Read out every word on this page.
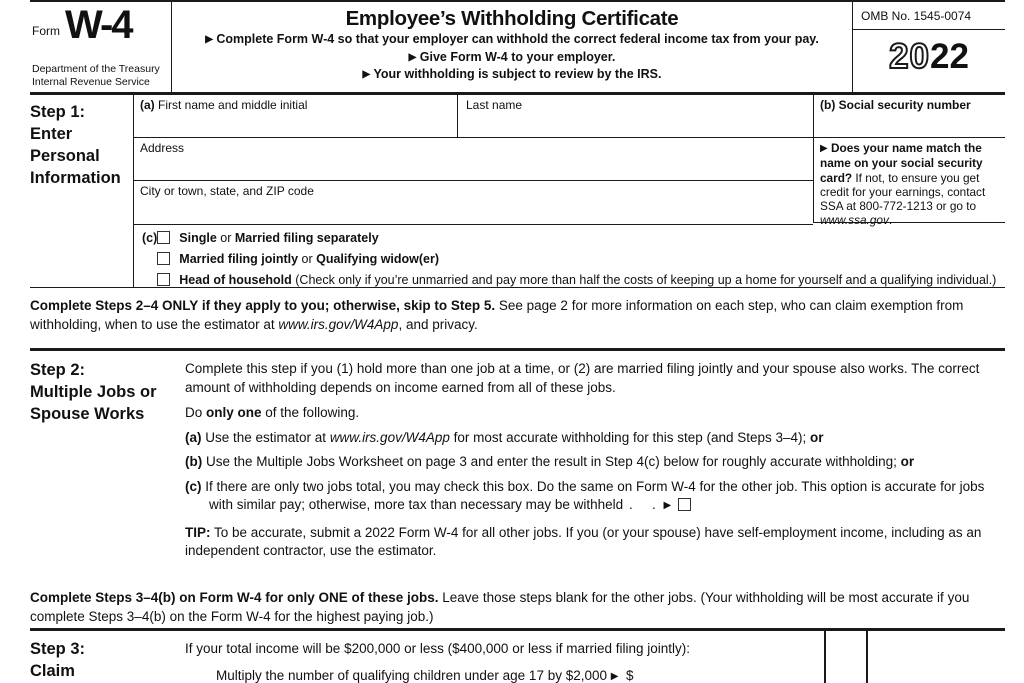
Form W-4
Department of the Treasury
Internal Revenue Service
Employee’s Withholding Certificate
▶ Complete Form W-4 so that your employer can withhold the correct federal income tax from your pay.
▶ Give Form W-4 to your employer.
▶ Your withholding is subject to review by the IRS.
OMB No. 1545-0074
2022
Step 1:
Enter Personal Information
(a) First name and middle initial	Last name
Address
City or town, state, and ZIP code
(c)	Single or Married filing separately
Married filing jointly or Qualifying widow(er)
Head of household (Check only if you’re unmarried and pay more than half the costs of keeping up a home for yourself and a qualifying individual.)
(b) Social security number
▶ Does your name match the name on your social security card? If not, to ensure you get credit for your earnings, contact SSA at 800-772-1213 or go to www.ssa.gov.
Complete Steps 2–4 ONLY if they apply to you; otherwise, skip to Step 5. See page 2 for more information on each step, who can claim exemption from withholding, when to use the estimator at www.irs.gov/W4App, and privacy.
Step 2:
Multiple Jobs or Spouse Works

Complete this step if you (1) hold more than one job at a time, or (2) are married filing jointly and your spouse also works. The correct amount of withholding depends on income earned from all of these jobs.

Do only one of the following.

(a) Use the estimator at www.irs.gov/W4App for most accurate withholding for this step (and Steps 3–4); or
(b) Use the Multiple Jobs Worksheet on page 3 and enter the result in Step 4(c) below for roughly accurate withholding; or
(c) If there are only two jobs total, you may check this box. Do the same on Form W-4 for the other job. This option is accurate for jobs with similar pay; otherwise, more tax than necessary may be withheld .   . ▶
TIP: To be accurate, submit a 2022 Form W-4 for all other jobs. If you (or your spouse) have self-employment income, including as an independent contractor, use the estimator.
Complete Steps 3–4(b) on Form W-4 for only ONE of these jobs. Leave those steps blank for the other jobs. (Your withholding will be most accurate if you complete Steps 3–4(b) on the Form W-4 for the highest paying job.)
Step 3:
Claim
If your total income will be $200,000 or less ($400,000 or less if married filing jointly):
Multiply the number of qualifying children under age 17 by $2,000 ▶ $
